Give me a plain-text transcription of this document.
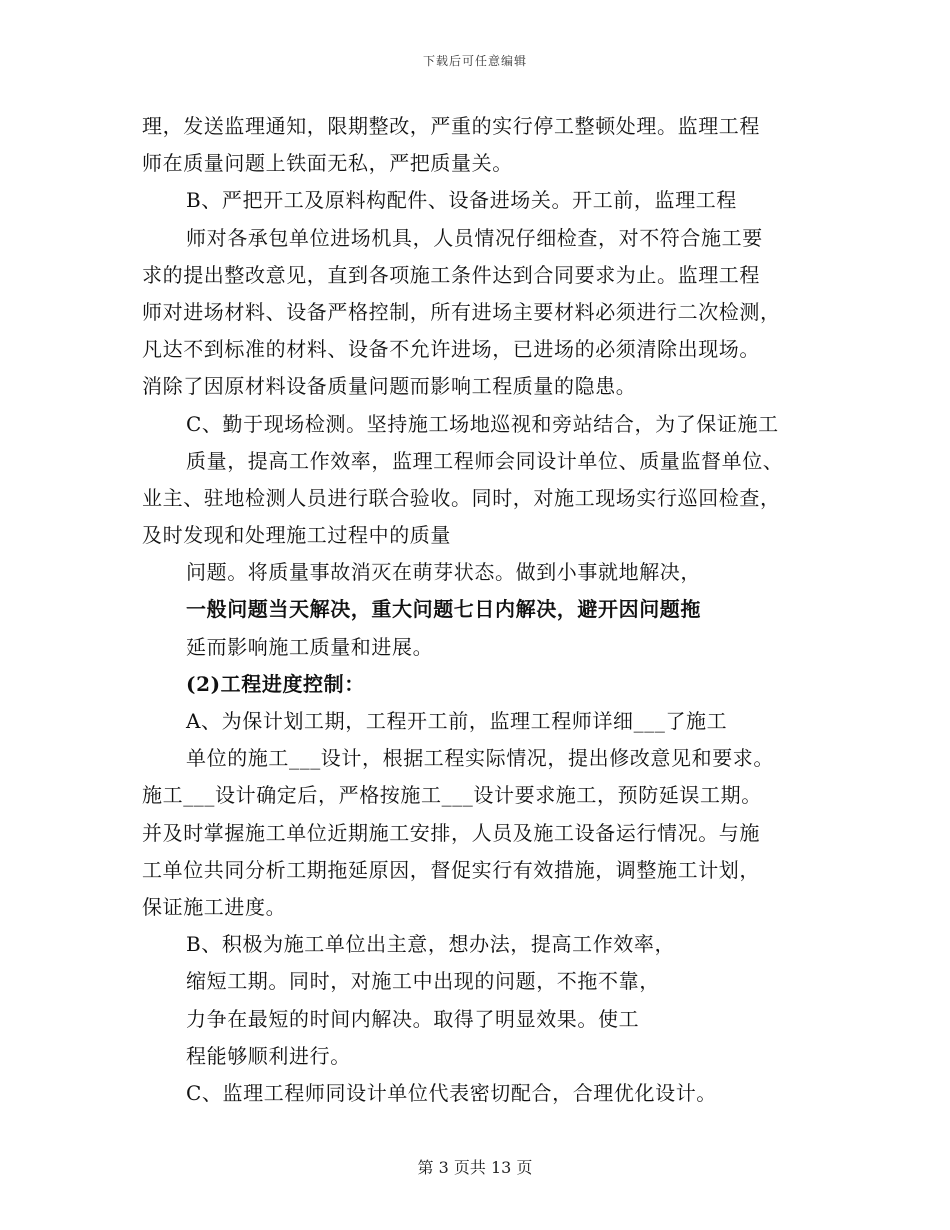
下载后可任意编辑
理，发送监理通知，限期整改，严重的实行停工整顿处理。监理工程
师在质量问题上铁面无私，严把质量关。
B、严把开工及原料构配件、设备进场关。开工前，监理工程
师对各承包单位进场机具，人员情况仔细检查，对不符合施工要
求的提出整改意见，直到各项施工条件达到合同要求为止。监理工程
师对进场材料、设备严格控制，所有进场主要材料必须进行二次检测，
凡达不到标准的材料、设备不允许进场，已进场的必须清除出现场。
消除了因原材料设备质量问题而影响工程质量的隐患。
C、勤于现场检测。坚持施工场地巡视和旁站结合，为了保证施工
质量，提高工作效率，监理工程师会同设计单位、质量监督单位、
业主、驻地检测人员进行联合验收。同时，对施工现场实行巡回检查，
及时发现和处理施工过程中的质量
问题。将质量事故消灭在萌芽状态。做到小事就地解决，
一般问题当天解决，重大问题七日内解决，避开因问题拖
延而影响施工质量和进展。
(2)工程进度控制：
A、为保计划工期，工程开工前，监理工程师详细___了施工
单位的施工___设计，根据工程实际情况，提出修改意见和要求。
施工___设计确定后，严格按施工___设计要求施工，预防延误工期。
并及时掌握施工单位近期施工安排，人员及施工设备运行情况。与施
工单位共同分析工期拖延原因，督促实行有效措施，调整施工计划，
保证施工进度。
B、积极为施工单位出主意，想办法，提高工作效率，
缩短工期。同时，对施工中出现的问题，不拖不靠，
力争在最短的时间内解决。取得了明显效果。使工
程能够顺利进行。
C、监理工程师同设计单位代表密切配合，合理优化设计。
第 3 页共 13 页
